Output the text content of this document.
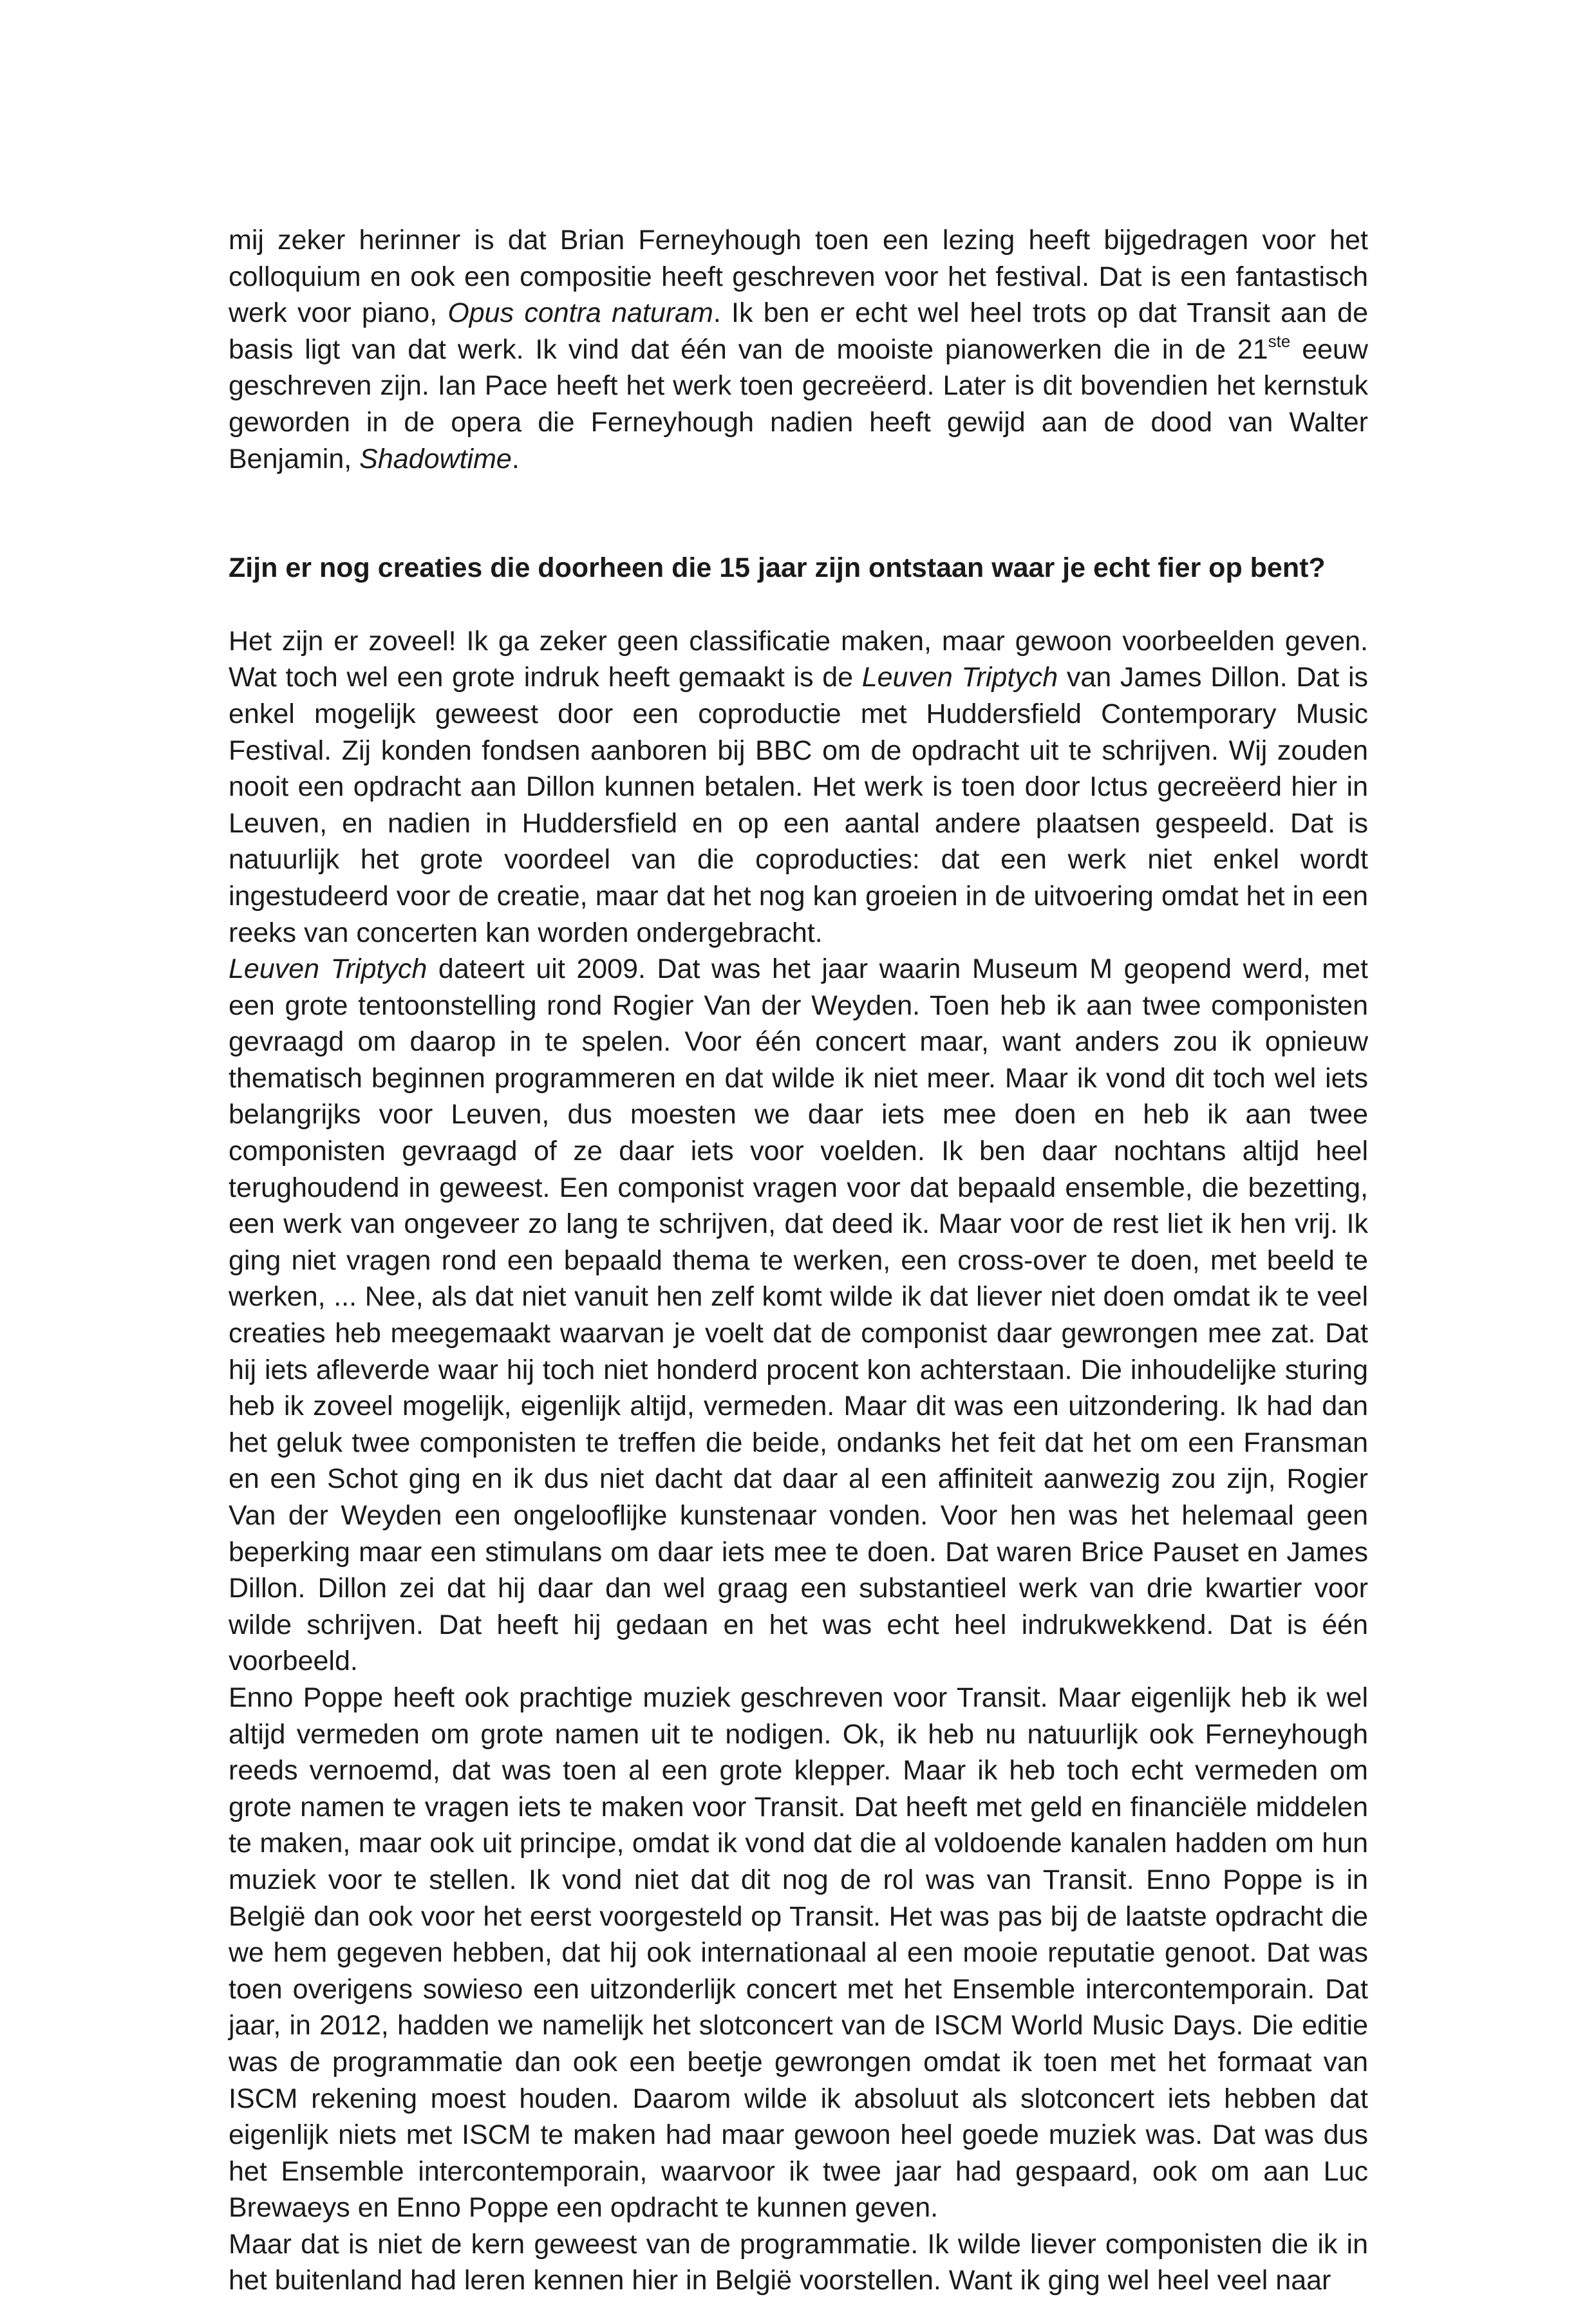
mij zeker herinner is dat Brian Ferneyhough toen een lezing heeft bijgedragen voor het colloquium en ook een compositie heeft geschreven voor het festival. Dat is een fantastisch werk voor piano, Opus contra naturam. Ik ben er echt wel heel trots op dat Transit aan de basis ligt van dat werk. Ik vind dat één van de mooiste pianowerken die in de 21ste eeuw geschreven zijn. Ian Pace heeft het werk toen gecreëerd. Later is dit bovendien het kernstuk geworden in de opera die Ferneyhough nadien heeft gewijd aan de dood van Walter Benjamin, Shadowtime.

Zijn er nog creaties die doorheen die 15 jaar zijn ontstaan waar je echt fier op bent?

Het zijn er zoveel! Ik ga zeker geen classificatie maken, maar gewoon voorbeelden geven. Wat toch wel een grote indruk heeft gemaakt is de Leuven Triptych van James Dillon. Dat is enkel mogelijk geweest door een coproductie met Huddersfield Contemporary Music Festival. Zij konden fondsen aanboren bij BBC om de opdracht uit te schrijven. Wij zouden nooit een opdracht aan Dillon kunnen betalen. Het werk is toen door Ictus gecreëerd hier in Leuven, en nadien in Huddersfield en op een aantal andere plaatsen gespeeld. Dat is natuurlijk het grote voordeel van die coproducties: dat een werk niet enkel wordt ingestudeerd voor de creatie, maar dat het nog kan groeien in de uitvoering omdat het in een reeks van concerten kan worden ondergebracht.

Leuven Triptych dateert uit 2009. Dat was het jaar waarin Museum M geopend werd, met een grote tentoonstelling rond Rogier Van der Weyden. Toen heb ik aan twee componisten gevraagd om daarop in te spelen. Voor één concert maar, want anders zou ik opnieuw thematisch beginnen programmeren en dat wilde ik niet meer. Maar ik vond dit toch wel iets belangrijks voor Leuven, dus moesten we daar iets mee doen en heb ik aan twee componisten gevraagd of ze daar iets voor voelden. Ik ben daar nochtans altijd heel terughoudend in geweest. Een componist vragen voor dat bepaald ensemble, die bezetting, een werk van ongeveer zo lang te schrijven, dat deed ik. Maar voor de rest liet ik hen vrij. Ik ging niet vragen rond een bepaald thema te werken, een cross-over te doen, met beeld te werken, ... Nee, als dat niet vanuit hen zelf komt wilde ik dat liever niet doen omdat ik te veel creaties heb meegemaakt waarvan je voelt dat de componist daar gewrongen mee zat. Dat hij iets afleverde waar hij toch niet honderd procent kon achterstaan. Die inhoudelijke sturing heb ik zoveel mogelijk, eigenlijk altijd, vermeden. Maar dit was een uitzondering. Ik had dan het geluk twee componisten te treffen die beide, ondanks het feit dat het om een Fransman en een Schot ging en ik dus niet dacht dat daar al een affiniteit aanwezig zou zijn, Rogier Van der Weyden een ongelooflijke kunstenaar vonden. Voor hen was het helemaal geen beperking maar een stimulans om daar iets mee te doen. Dat waren Brice Pauset en James Dillon. Dillon zei dat hij daar dan wel graag een substantieel werk van drie kwartier voor wilde schrijven. Dat heeft hij gedaan en het was echt heel indrukwekkend. Dat is één voorbeeld.

Enno Poppe heeft ook prachtige muziek geschreven voor Transit. Maar eigenlijk heb ik wel altijd vermeden om grote namen uit te nodigen. Ok, ik heb nu natuurlijk ook Ferneyhough reeds vernoemd, dat was toen al een grote klepper. Maar ik heb toch echt vermeden om grote namen te vragen iets te maken voor Transit. Dat heeft met geld en financiële middelen te maken, maar ook uit principe, omdat ik vond dat die al voldoende kanalen hadden om hun muziek voor te stellen. Ik vond niet dat dit nog de rol was van Transit. Enno Poppe is in België dan ook voor het eerst voorgesteld op Transit. Het was pas bij de laatste opdracht die we hem gegeven hebben, dat hij ook internationaal al een mooie reputatie genoot. Dat was toen overigens sowieso een uitzonderlijk concert met het Ensemble intercontemporain. Dat jaar, in 2012, hadden we namelijk het slotconcert van de ISCM World Music Days. Die editie was de programmatie dan ook een beetje gewrongen omdat ik toen met het formaat van ISCM rekening moest houden. Daarom wilde ik absoluut als slotconcert iets hebben dat eigenlijk niets met ISCM te maken had maar gewoon heel goede muziek was. Dat was dus het Ensemble intercontemporain, waarvoor ik twee jaar had gespaard, ook om aan Luc Brewaeys en Enno Poppe een opdracht te kunnen geven.

Maar dat is niet de kern geweest van de programmatie. Ik wilde liever componisten die ik in het buitenland had leren kennen hier in België voorstellen. Want ik ging wel heel veel naar
